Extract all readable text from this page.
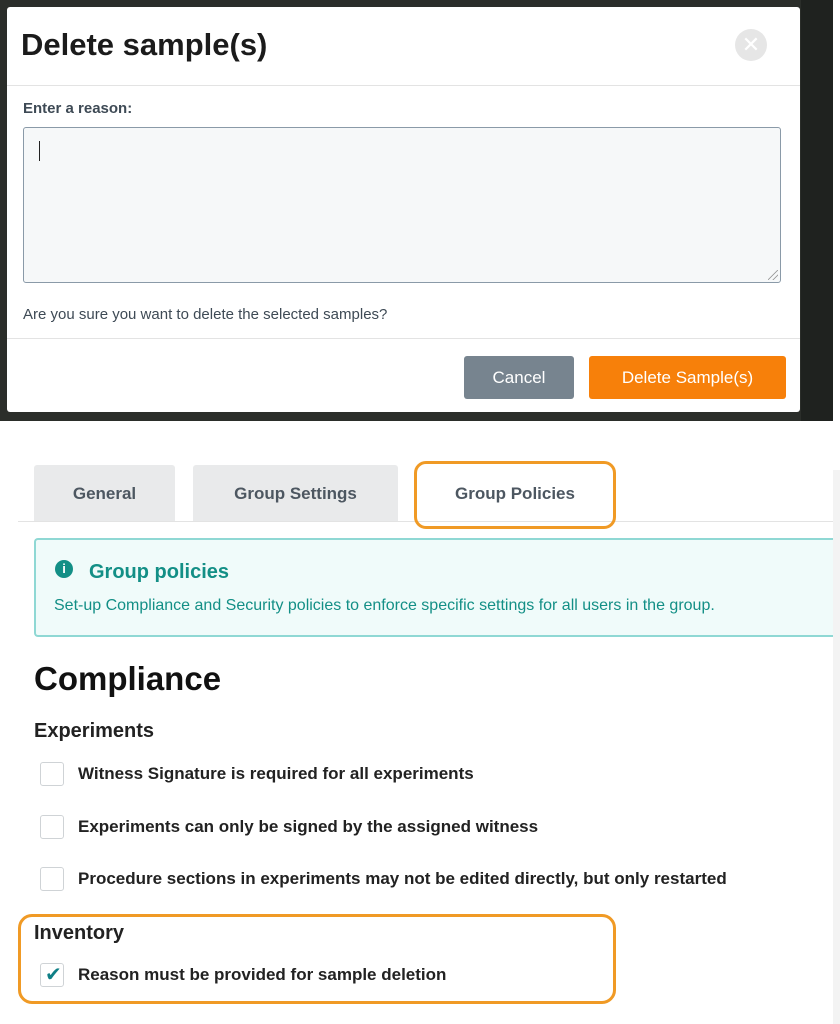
Delete sample(s)	✕
Enter a reason:
Are you sure you want to delete the selected samples?
Cancel	Delete Sample(s)
General	Group Settings	Group Policies
i	Group policies
Set-up Compliance and Security policies to enforce specific settings for all users in the group.
Compliance
Experiments
Witness Signature is required for all experiments
Experiments can only be signed by the assigned witness
Procedure sections in experiments may not be edited directly, but only restarted
Inventory
✔ Reason must be provided for sample deletion
